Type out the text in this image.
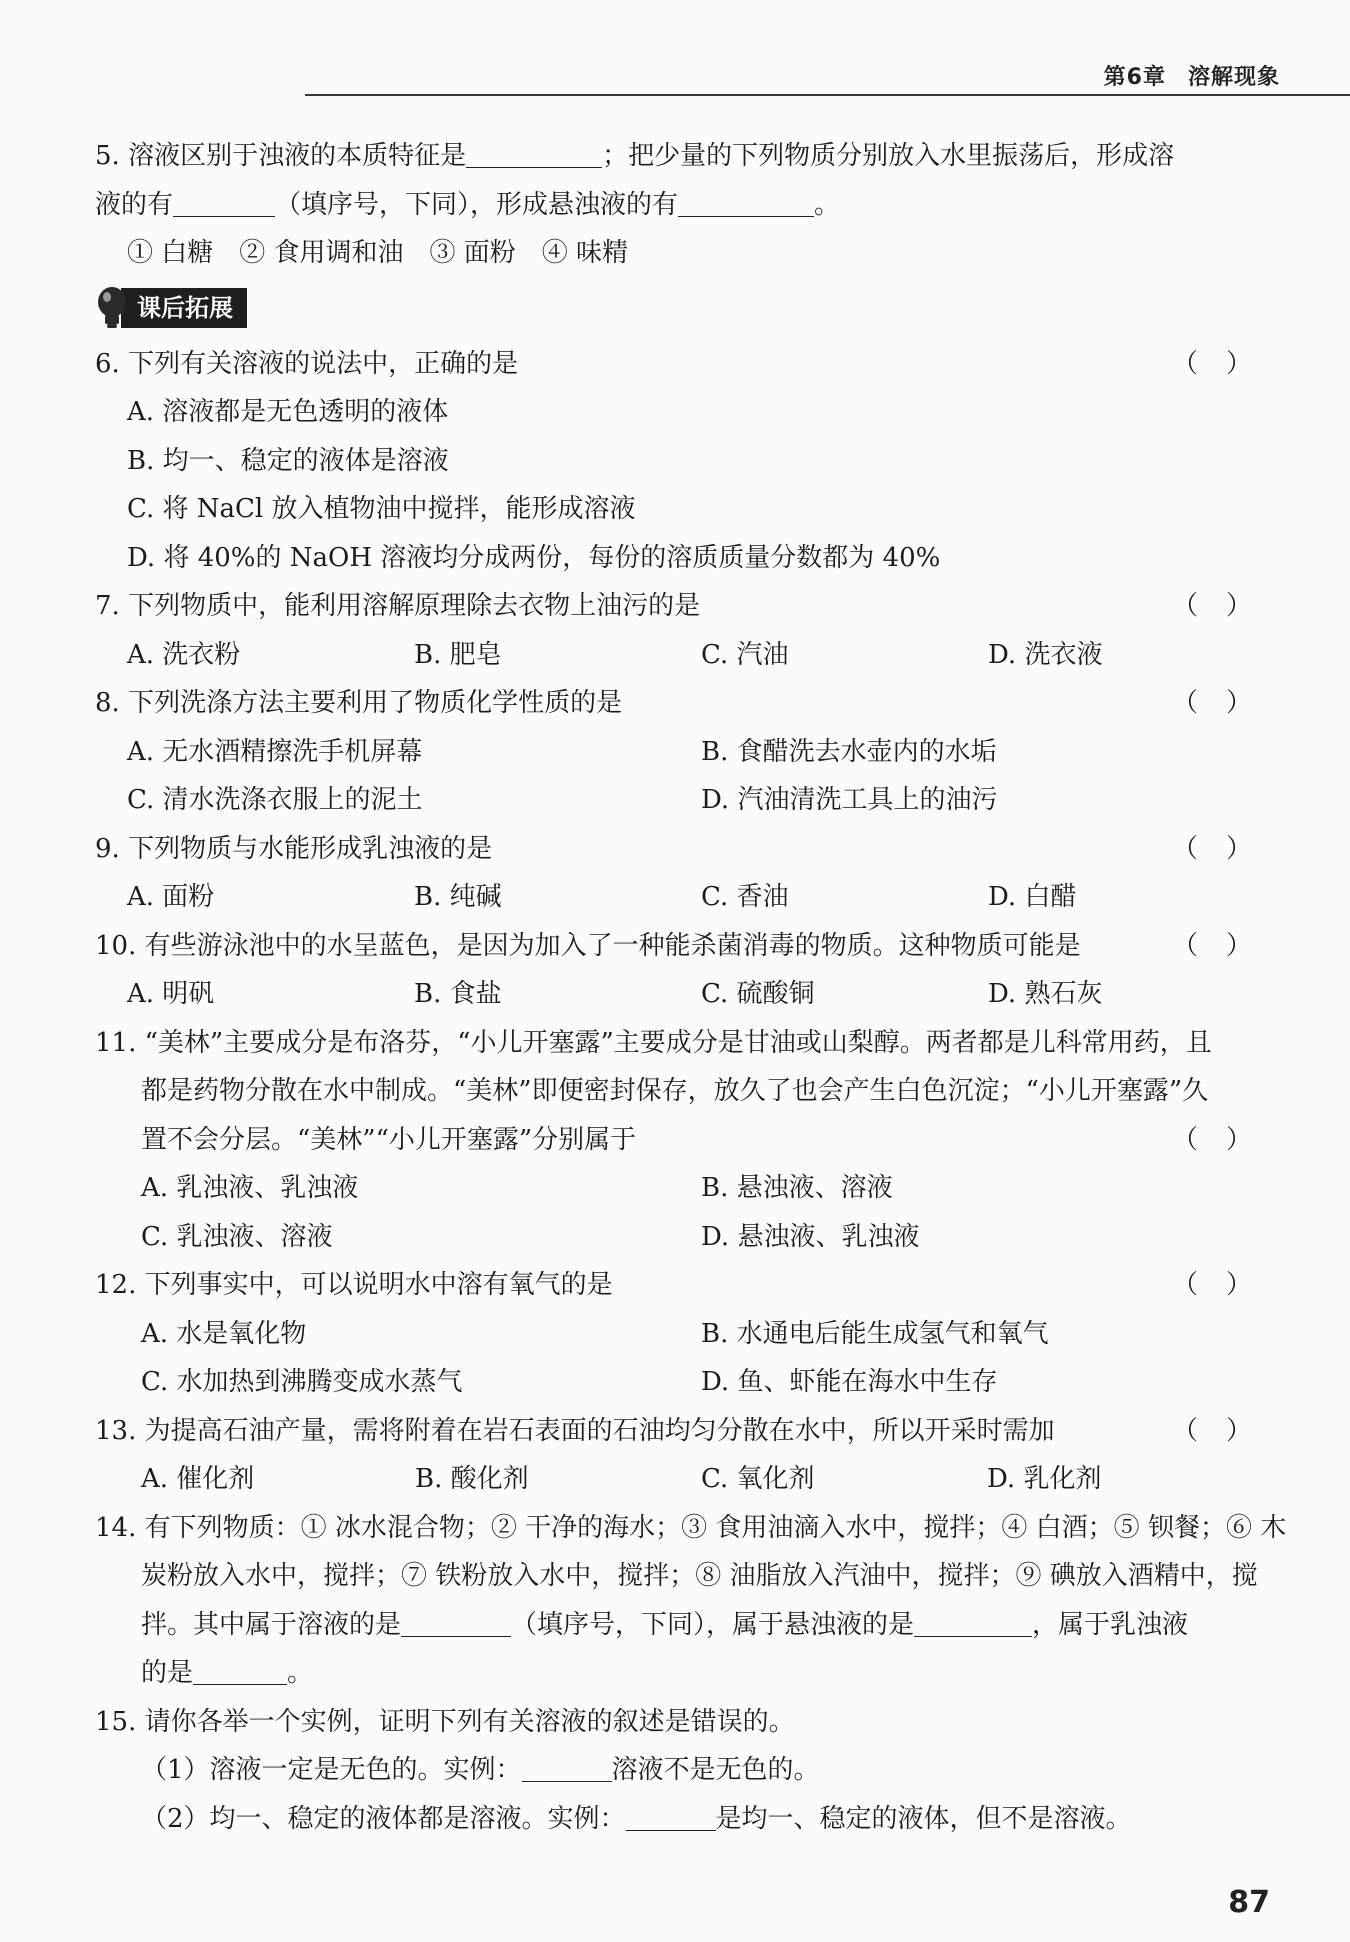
第6章 溶解现象
5. 溶液区别于浊液的本质特征是	；把少量的下列物质分别放入水里振荡后，形成溶
液的有	（填序号，下同），形成悬浊液的有	。
① 白糖　② 食用调和油　③ 面粉　④ 味精
课后拓展
6. 下列有关溶液的说法中，正确的是	（）
A. 溶液都是无色透明的液体
B. 均一、稳定的液体是溶液
C. 将 NaCl 放入植物油中搅拌，能形成溶液
D. 将 40%的 NaOH 溶液均分成两份，每份的溶质质量分数都为 40%
7. 下列物质中，能利用溶解原理除去衣物上油污的是	（）
A. 洗衣粉	B. 肥皂	C. 汽油	D. 洗衣液
8. 下列洗涤方法主要利用了物质化学性质的是	（）
A. 无水酒精擦洗手机屏幕	B. 食醋洗去水壶内的水垢
C. 清水洗涤衣服上的泥土	D. 汽油清洗工具上的油污
9. 下列物质与水能形成乳浊液的是	（）
A. 面粉	B. 纯碱	C. 香油	D. 白醋
10. 有些游泳池中的水呈蓝色，是因为加入了一种能杀菌消毒的物质。这种物质可能是	（）
A. 明矾	B. 食盐	C. 硫酸铜	D. 熟石灰
11. “美林”主要成分是布洛芬，“小儿开塞露”主要成分是甘油或山梨醇。两者都是儿科常用药，且
都是药物分散在水中制成。“美林”即便密封保存，放久了也会产生白色沉淀；“小儿开塞露”久
置不会分层。“美林”“小儿开塞露”分别属于	（）
A. 乳浊液、乳浊液	B. 悬浊液、溶液
C. 乳浊液、溶液	D. 悬浊液、乳浊液
12. 下列事实中，可以说明水中溶有氧气的是	（）
A. 水是氧化物	B. 水通电后能生成氢气和氧气
C. 水加热到沸腾变成水蒸气	D. 鱼、虾能在海水中生存
13. 为提高石油产量，需将附着在岩石表面的石油均匀分散在水中，所以开采时需加	（）
A. 催化剂	B. 酸化剂	C. 氧化剂	D. 乳化剂
14. 有下列物质：① 冰水混合物；② 干净的海水；③ 食用油滴入水中，搅拌；④ 白酒；⑤ 钡餐；⑥ 木
炭粉放入水中，搅拌；⑦ 铁粉放入水中，搅拌；⑧ 油脂放入汽油中，搅拌；⑨ 碘放入酒精中，搅
拌。其中属于溶液的是	（填序号，下同），属于悬浊液的是	，属于乳浊液
的是	。
15. 请你各举一个实例，证明下列有关溶液的叙述是错误的。
（1）溶液一定是无色的。实例：	溶液不是无色的。
（2）均一、稳定的液体都是溶液。实例：	是均一、稳定的液体，但不是溶液。
87
